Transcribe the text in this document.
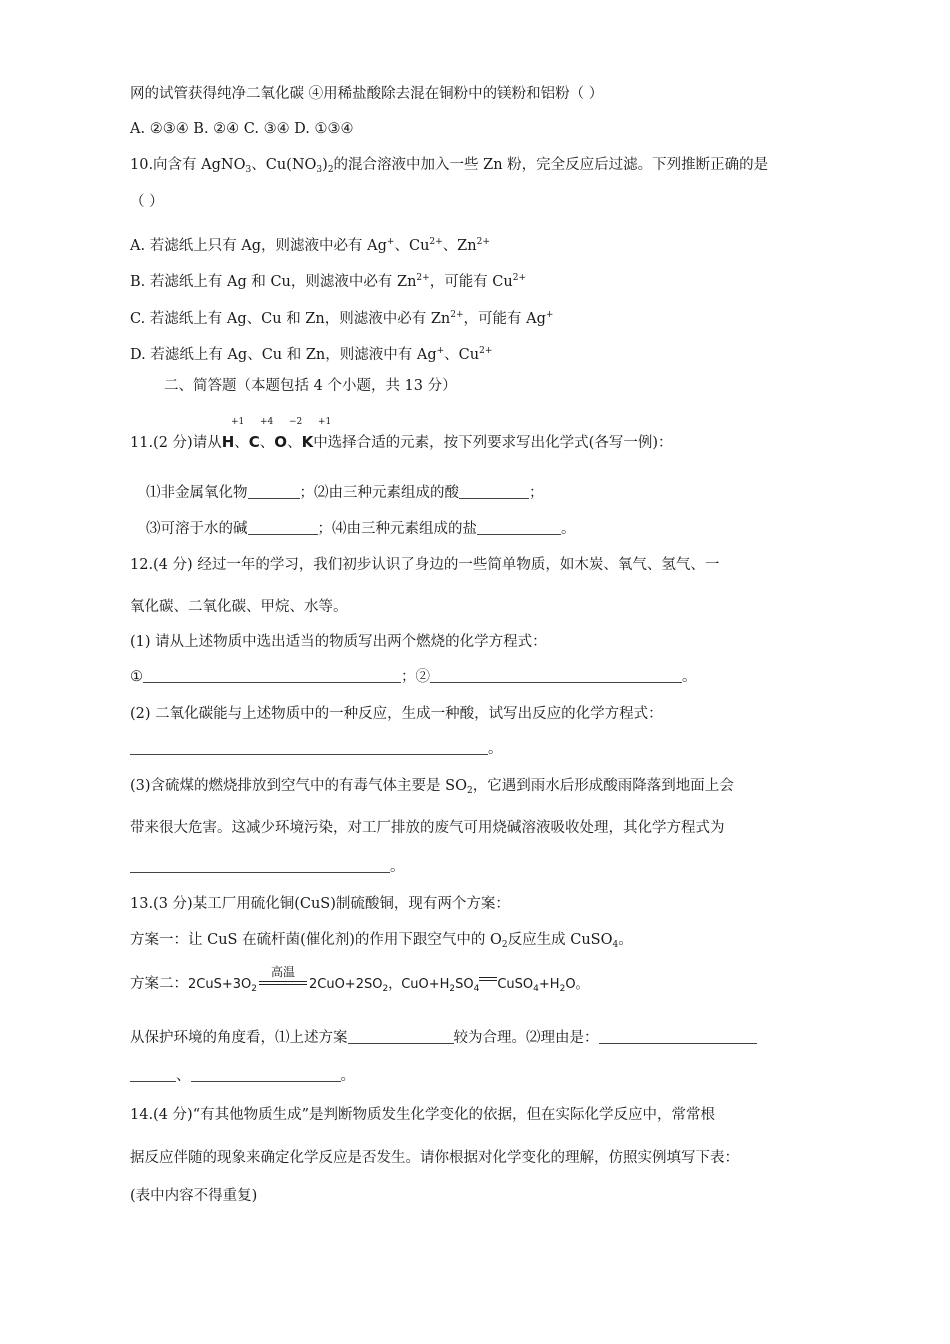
网的试管获得纯净二氧化碳 ④用稀盐酸除去混在铜粉中的镁粉和铝粉（ ）
A. ②③④ B. ②④ C. ③④ D. ①③④
10.向含有 AgNO$_3$、$Cu(NO_3)_2$的混合溶液中加入一些 Zn 粉，完全反应后过滤。下列推断正确的是
（ ）
A. 若滤纸上只有 Ag，则滤液中必有 Ag+、$Cu^{2+}$、$Zn^{2+}$
B. 若滤纸上有 Ag 和 Cu，则滤液中必有 $Zn^{2+}$，可能有 $Cu^{2+}$
C. 若滤纸上有 Ag、Cu 和 Zn，则滤液中必有 $Zn^{2+}$，可能有 Ag+
D. 若滤纸上有 Ag、Cu 和 Zn，则滤液中有 Ag+、$Cu^{2+}$
二、简答题（本题包括 4 个小题，共 13 分）
+1 +4 −2 +1
11.(2 分)请从H、C、O、K中选择合适的元素，按下列要求写出化学式(各写一例)：
⑴非金属氧化物	；⑵由三种元素组成的酸	；
⑶可溶于水的碱	；⑷由三种元素组成的盐	。
12.(4 分) 经过一年的学习，我们初步认识了身边的一些简单物质，如木炭、氧气、氢气、一
氧化碳、二氧化碳、甲烷、水等。
(1) 请从上述物质中选出适当的物质写出两个燃烧的化学方程式：
①	；②	。
(2) 二氧化碳能与上述物质中的一种反应，生成一种酸，试写出反应的化学方程式：
。
(3)含硫煤的燃烧排放到空气中的有毒气体主要是 $SO_2$，它遇到雨水后形成酸雨降落到地面上会
带来很大危害。这减少环境污染，对工厂排放的废气可用烧碱溶液吸收处理，其化学方程式为
。
13.(3 分)某工厂用硫化铜(CuS)制硫酸铜，现有两个方案：
方案一：让 CuS 在硫杆菌(催化剂)的作用下跟空气中的 $O_2$反应生成 CuSO$_4$。
方案二：$2CuS+3O_2$
高温
$2CuO+2SO_2$，$CuO+H_2SO_4$ $CuSO_4+H_2O$。
从保护环境的角度看，⑴上述方案	较为合理。⑵理由是：
、	。
14.(4 分)“有其他物质生成”是判断物质发生化学变化的依据，但在实际化学反应中，常常根
据反应伴随的现象来确定化学反应是否发生。请你根据对化学变化的理解，仿照实例填写下表：
(表中内容不得重复)
